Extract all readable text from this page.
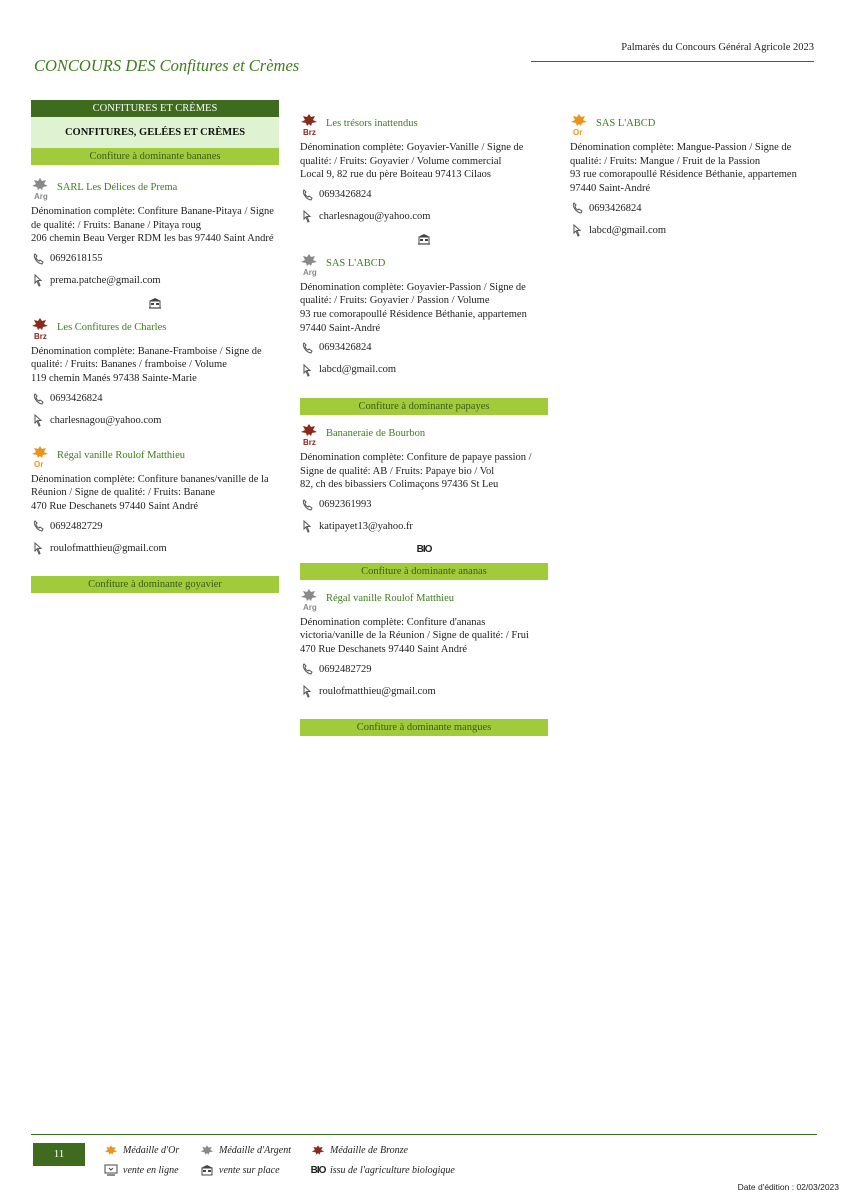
Palmarès du Concours Général Agricole 2023
CONCOURS DES Confitures et Crèmes
CONFITURES ET CRÈMES
CONFITURES, GELÉES ET CRÈMES
Confiture à dominante bananes
Arg
SARL Les Délices de Prema
Dénomination complète: Confiture Banane-Pitaya / Signe de qualité: / Fruits: Banane / Pitaya roug
206 chemin Beau Verger RDM les bas 97440 Saint André
0692618155
prema.patche@gmail.com
Brz
Les Confitures de Charles
Dénomination complète: Banane-Framboise / Signe de qualité: / Fruits: Bananes / framboise / Volume
119 chemin Manés 97438 Sainte-Marie
0693426824
charlesnagou@yahoo.com
Or
Régal vanille Roulof Matthieu
Dénomination complète: Confiture bananes/vanille de la Réunion / Signe de qualité: / Fruits: Banane
470 Rue Deschanets 97440 Saint André
0692482729
roulofmatthieu@gmail.com
Confiture à dominante goyavier
Brz
Les trésors inattendus
Dénomination complète: Goyavier-Vanille / Signe de qualité: / Fruits: Goyavier / Volume commercial
Local 9, 82 rue du père Boiteau 97413 Cilaos
0693426824
charlesnagou@yahoo.com
Arg
SAS L'ABCD
Dénomination complète: Goyavier-Passion / Signe de qualité: / Fruits: Goyavier / Passion / Volume
93 rue comorapoullé Résidence Béthanie, appartemen 97440 Saint-André
0693426824
labcd@gmail.com
Confiture à dominante papayes
Brz
Bananeraie de Bourbon
Dénomination complète: Confiture de papaye passion / Signe de qualité: AB / Fruits: Papaye bio / Vol
82, ch des bibassiers Colimaçons 97436 St Leu
0692361993
katipayet13@yahoo.fr
BIO
Confiture à dominante ananas
Arg
Régal vanille Roulof Matthieu
Dénomination complète: Confiture d'ananas victoria/vanille de la Réunion / Signe de qualité: / Frui
470 Rue Deschanets 97440 Saint André
0692482729
roulofmatthieu@gmail.com
Confiture à dominante mangues
Or
SAS L'ABCD
Dénomination complète: Mangue-Passion / Signe de qualité: / Fruits: Mangue / Fruit de la Passion
93 rue comorapoullé Résidence Béthanie, appartemen 97440 Saint-André
0693426824
labcd@gmail.com
11	Médaille d'Or	Médaille d'Argent	Médaille de Bronze
vente en ligne	vente sur place	BIO issu de l'agriculture biologique
Date d'édition : 02/03/2023
